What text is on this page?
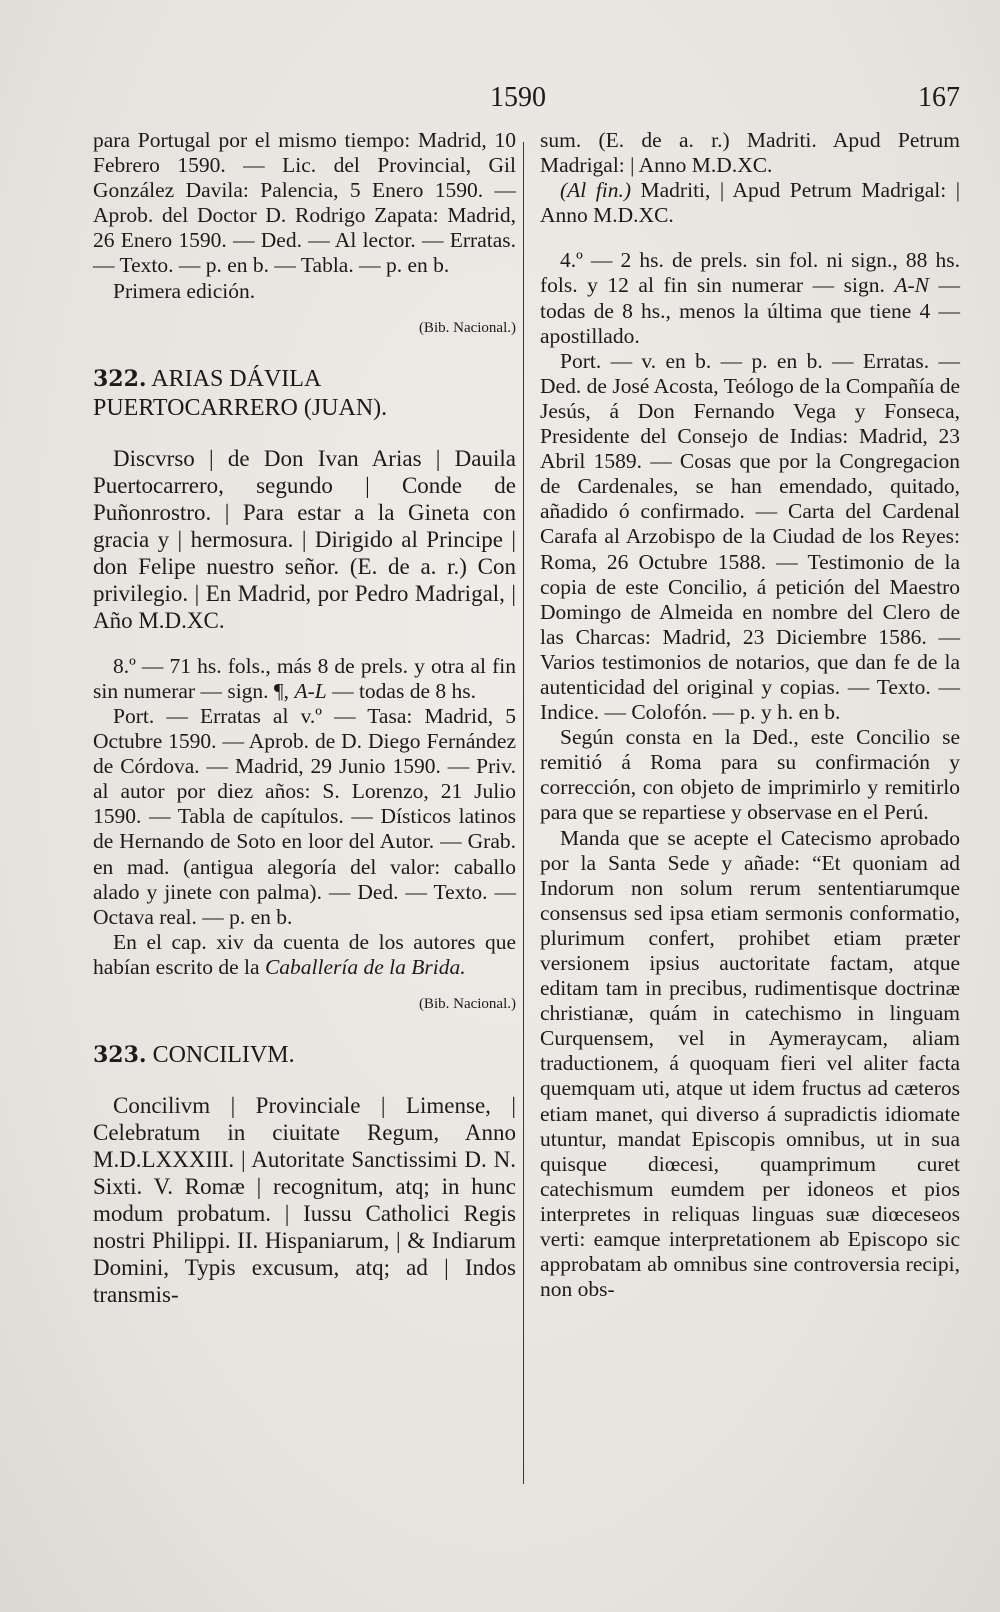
1590	167

para Portugal por el mismo tiempo: Madrid, 10 Febrero 1590. — Lic. del Provincial, Gil González Davila: Palencia, 5 Enero 1590. — Aprob. del Doctor D. Rodrigo Zapata: Madrid, 26 Enero 1590. — Ded. — Al lector. — Erratas. — Texto. — p. en b. — Tabla. — p. en b.

Primera edición.

(Bib. Nacional.)

322. ARIAS DÁVILA PUERTOCARRERO (JUAN).

Discvrso | de Don Ivan Arias | Dauila Puertocarrero, segundo | Conde de Puñonrostro. | Para estar a la Gineta con gracia y | hermosura. | Dirigido al Principe | don Felipe nuestro señor. (E. de a. r.) Con privilegio. | En Madrid, por Pedro Madrigal, | Año M.D.XC.

8.º — 71 hs. fols., más 8 de prels. y otra al fin sin numerar — sign. ¶, A-L — todas de 8 hs.

Port. — Erratas al v.º — Tasa: Madrid, 5 Octubre 1590. — Aprob. de D. Diego Fernández de Córdova. — Madrid, 29 Junio 1590. — Priv. al autor por diez años: S. Lorenzo, 21 Julio 1590. — Tabla de capítulos. — Dísticos latinos de Hernando de Soto en loor del Autor. — Grab. en mad. (antigua alegoría del valor: caballo alado y jinete con palma). — Ded. — Texto. — Octava real. — p. en b.

En el cap. xiv da cuenta de los autores que habían escrito de la Caballería de la Brida.

(Bib. Nacional.)

323. CONCILIVM.

Concilivm | Provinciale | Limense, | Celebratum in ciuitate Regum, Anno M.D.LXXXIII. | Autoritate Sanctissimi D. N. Sixti. V. Romæ | recognitum, atq; in hunc modum probatum. | Iussu Catholici Regis nostri Philippi. II. Hispaniarum, | & Indiarum Domini, Typis excusum, atq; ad | Indos transmis-

sum. (E. de a. r.) Madriti. Apud Petrum Madrigal: | Anno M.D.XC.

(Al fin.) Madriti, | Apud Petrum Madrigal: | Anno M.D.XC.

4.º — 2 hs. de prels. sin fol. ni sign., 88 hs. fols. y 12 al fin sin numerar — sign. A-N — todas de 8 hs., menos la última que tiene 4 — apostillado.

Port. — v. en b. — p. en b. — Erratas. — Ded. de José Acosta, Teólogo de la Compañía de Jesús, á Don Fernando Vega y Fonseca, Presidente del Consejo de Indias: Madrid, 23 Abril 1589. — Cosas que por la Congregacion de Cardenales, se han emendado, quitado, añadido ó confirmado. — Carta del Cardenal Carafa al Arzobispo de la Ciudad de los Reyes: Roma, 26 Octubre 1588. — Testimonio de la copia de este Concilio, á petición del Maestro Domingo de Almeida en nombre del Clero de las Charcas: Madrid, 23 Diciembre 1586. — Varios testimonios de notarios, que dan fe de la autenticidad del original y copias. — Texto. — Indice. — Colofón. — p. y h. en b.

Según consta en la Ded., este Concilio se remitió á Roma para su confirmación y corrección, con objeto de imprimirlo y remitirlo para que se repartiese y observase en el Perú.

Manda que se acepte el Catecismo aprobado por la Santa Sede y añade: “Et quoniam ad Indorum non solum rerum sententiarumque consensus sed ipsa etiam sermonis conformatio, plurimum confert, prohibet etiam præter versionem ipsius auctoritate factam, atque editam tam in precibus, rudimentisque doctrinæ christianæ, quám in catechismo in linguam Curquensem, vel in Aymeraycam, aliam traductionem, á quoquam fieri vel aliter facta quemquam uti, atque ut idem fructus ad cæteros etiam manet, qui diverso á supradictis idiomate utuntur, mandat Episcopis omnibus, ut in sua quisque diœcesi, quamprimum curet catechismum eumdem per idoneos et pios interpretes in reliquas linguas suæ diœceseos verti: eamque interpretationem ab Episcopo sic approbatam ab omnibus sine controversia recipi, non obs-
